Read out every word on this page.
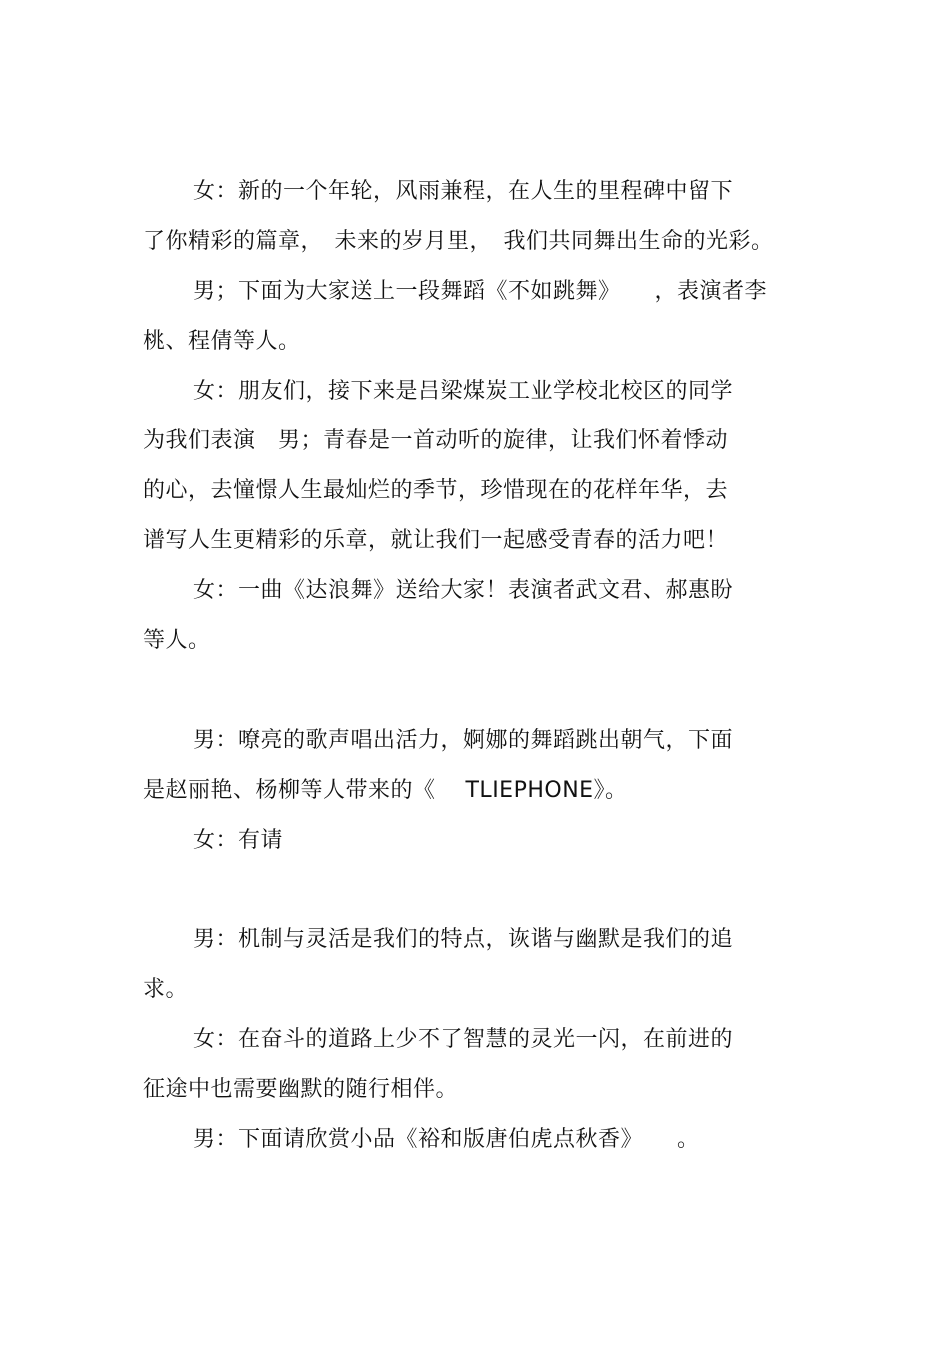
女：新的一个年轮，风雨兼程，在人生的里程碑中留下
了你精彩的篇章，　未来的岁月里，　我们共同舞出生命的光彩。
男；下面为大家送上一段舞蹈《不如跳舞》　　，表演者李
桃、程倩等人。
女：朋友们，接下来是吕梁煤炭工业学校北校区的同学
为我们表演　男；青春是一首动听的旋律，让我们怀着悸动
的心，去憧憬人生最灿烂的季节，珍惜现在的花样年华，去
谱写人生更精彩的乐章，就让我们一起感受青春的活力吧！
女：一曲《达浪舞》送给大家！表演者武文君、郝惠盼
等人。
男：嘹亮的歌声唱出活力，婀娜的舞蹈跳出朝气，下面
是赵丽艳、杨柳等人带来的《　 TLIEPHONE》。
女：有请
男：机制与灵活是我们的特点，诙谐与幽默是我们的追
求。
女：在奋斗的道路上少不了智慧的灵光一闪，在前进的
征途中也需要幽默的随行相伴。
男：下面请欣赏小品《裕和版唐伯虎点秋香》　　。
